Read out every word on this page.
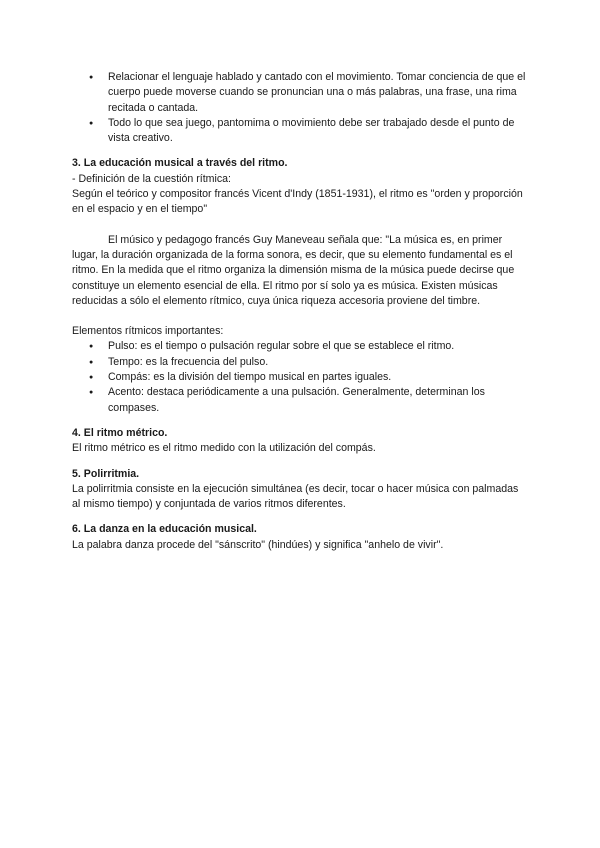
● Relacionar el lenguaje hablado y cantado con el movimiento. Tomar conciencia de que el cuerpo puede moverse cuando se pronuncian una o más palabras, una frase, una rima recitada o cantada.
● Todo lo que sea juego, pantomima o movimiento debe ser trabajado desde el punto de vista creativo.
3. La educación musical a través del ritmo.

- Definición de la cuestión rítmica:

Según el teórico y compositor francés Vicent d'Indy (1851-1931), el ritmo es "orden y proporción en el espacio y en el tiempo"

El músico y pedagogo francés Guy Maneveau señala que: "La música es, en primer lugar, la duración organizada de la forma sonora, es decir, que su elemento fundamental es el ritmo. En la medida que el ritmo organiza la dimensión misma de la música puede decirse que constituye un elemento esencial de ella. El ritmo por sí solo ya es música. Existen músicas reducidas a sólo el elemento rítmico, cuya única riqueza accesoria proviene del timbre.

Elementos rítmicos importantes:

● Pulso: es el tiempo o pulsación regular sobre el que se establece el ritmo.
● Tempo: es la frecuencia del pulso.
● Compás: es la división del tiempo musical en partes iguales.
● Acento: destaca periódicamente a una pulsación. Generalmente, determinan los compases.
4. El ritmo métrico.

El ritmo métrico es el ritmo medido con la utilización del compás.

5. Polirritmia.

La polirritmia consiste en la ejecución simultánea (es decir, tocar o hacer música con palmadas al mismo tiempo) y conjuntada de varios ritmos diferentes.

6. La danza en la educación musical.

La palabra danza procede del "sánscrito" (hindúes) y significa "anhelo de vivir".
